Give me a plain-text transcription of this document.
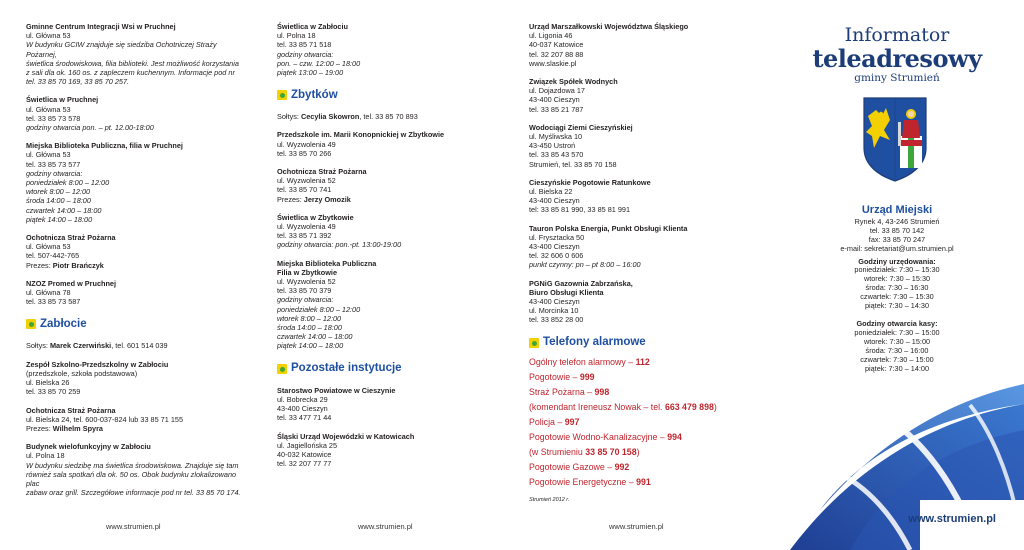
Gminne Centrum Integracji Wsi w Pruchnej
ul. Główna 53
W budynku GCIW znajduje się siedziba Ochotniczej Straży Pożarnej,
świetlica środowiskowa, filia biblioteki. Jest możliwość korzystania
z sali dla ok. 160 os. z zapleczem kuchennym. Informacje pod nr
tel. 33 85 70 169, 33 85 70 257.
Świetlica w Pruchnej
ul. Główna 53
tel. 33 85 73 578
godziny otwarcia pon. – pt. 12.00-18:00
Miejska Biblioteka Publiczna, filia w Pruchnej
ul. Główna 53
tel. 33 85 73 577
godziny otwarcia:
poniedziałek 8:00 – 12:00
wtorek 8:00 – 12:00
środa 14:00 – 18:00
czwartek 14:00 – 18:00
piątek 14:00 – 18:00
Ochotnicza Straż Pożarna
ul. Główna 53
tel. 507-442-765
Prezes: Piotr Brańczyk
NZOZ Promed w Pruchnej
ul. Główna 78
tel. 33 85 73 587
Zabłocie
Sołtys: Marek Czerwiński, tel. 601 514 039
Zespół Szkolno-Przedszkolny w Zabłociu
(przedszkole, szkoła podstawowa)
ul. Bielska 26
tel. 33 85 70 259
Ochotnicza Straż Pożarna
ul. Bielska 24, tel. 600-037-824 lub 33 85 71 155
Prezes: Wilhelm Spyra
Budynek wielofunkcyjny w Zabłociu
ul. Polna 18
W budynku siedzibę ma świetlica środowiskowa. Znajduje się tam
również sala spotkań dla ok. 50 os. Obok budynku zlokalizowano plac
zabaw oraz grill. Szczegółowe informacje pod nr tel. 33 85 70 174.
Świetlica w Zabłociu
ul. Polna 18
tel. 33 85 71 518
godziny otwarcia:
pon. – czw. 12:00 – 18:00
piątek 13:00 – 19:00
Zbytków
Sołtys: Cecylia Skowron, tel. 33 85 70 893
Przedszkole im. Marii Konopnickiej w Zbytkowie
ul. Wyzwolenia 49
tel. 33 85 70 266
Ochotnicza Straż Pożarna
ul. Wyzwolenia 52
tel. 33 85 70 741
Prezes: Jerzy Omozik
Świetlica w Zbytkowie
ul. Wyzwolenia 49
tel. 33 85 71 392
godziny otwarcia: pon.-pt. 13:00-19:00
Miejska Biblioteka Publiczna
Filia w Zbytkowie
ul. Wyzwolenia 52
tel. 33 85 70 379
godziny otwarcia:
poniedziałek 8:00 – 12:00
wtorek 8:00 – 12:00
środa 14:00 – 18:00
czwartek 14:00 – 18:00
piątek 14:00 – 18:00
Pozostałe instytucje
Starostwo Powiatowe w Cieszynie
ul. Bobrecka 29
43-400 Cieszyn
tel. 33 477 71 44
Śląski Urząd Wojewódzki w Katowicach
ul. Jagiellońska 25
40-032 Katowice
tel. 32 207 77 77
Urząd Marszałkowski Województwa Śląskiego
ul. Ligonia 46
40-037 Katowice
tel. 32 207 88 88
www.slaskie.pl
Związek Spółek Wodnych
ul. Dojazdowa 17
43-400 Cieszyn
tel. 33 85 21 787
Wodociągi Ziemi Cieszyńskiej
ul. Myśliwska 10
43-450 Ustroń
tel. 33 85 43 570
Strumień, tel. 33 85 70 158
Cieszyńskie Pogotowie Ratunkowe
ul. Bielska 22
43-400 Cieszyn
tel: 33 85 81 990, 33 85 81 991
Tauron Polska Energia, Punkt Obsługi Klienta
ul. Frysztacka 50
43-400 Cieszyn
tel. 32 606 0 606
punkt czynny: pn – pt 8:00 – 16:00
PGNiG Gazownia Zabrzańska,
Biuro Obsługi Klienta
43-400 Cieszyn
ul. Morcinka 10
tel. 33 852 28 00
Telefony alarmowe
Ogólny telefon alarmowy – 112
Pogotowie – 999
Straż Pożarna – 998
(komendant Ireneusz Nowak – tel. 663 479 898)
Policja – 997
Pogotowie Wodno-Kanalizacyjne – 994
(w Strumieniu 33 85 70 158)
Pogotowie Gazowe – 992
Pogotowie Energetyczne – 991
Strumień 2012 r.
www.strumien.pl	www.strumien.pl	www.strumien.pl
Informator
teleadresowy
gminy Strumień
Urząd Miejski
Rynek 4, 43-246 Strumień
tel. 33 85 70 142
fax: 33 85 70 247
e-mail: sekretariat@um.strumien.pl
Godziny urzędowania:
poniedziałek: 7:30 – 15:30
wtorek: 7:30 – 15:30
środa: 7:30 – 16:30
czwartek: 7:30 – 15:30
piątek: 7:30 – 14:30
Godziny otwarcia kasy:
poniedziałek: 7:30 – 15:00
wtorek: 7:30 – 15:00
środa: 7:30 – 16:00
czwartek: 7:30 – 15:00
piątek: 7:30 – 14:00
www.strumien.pl
